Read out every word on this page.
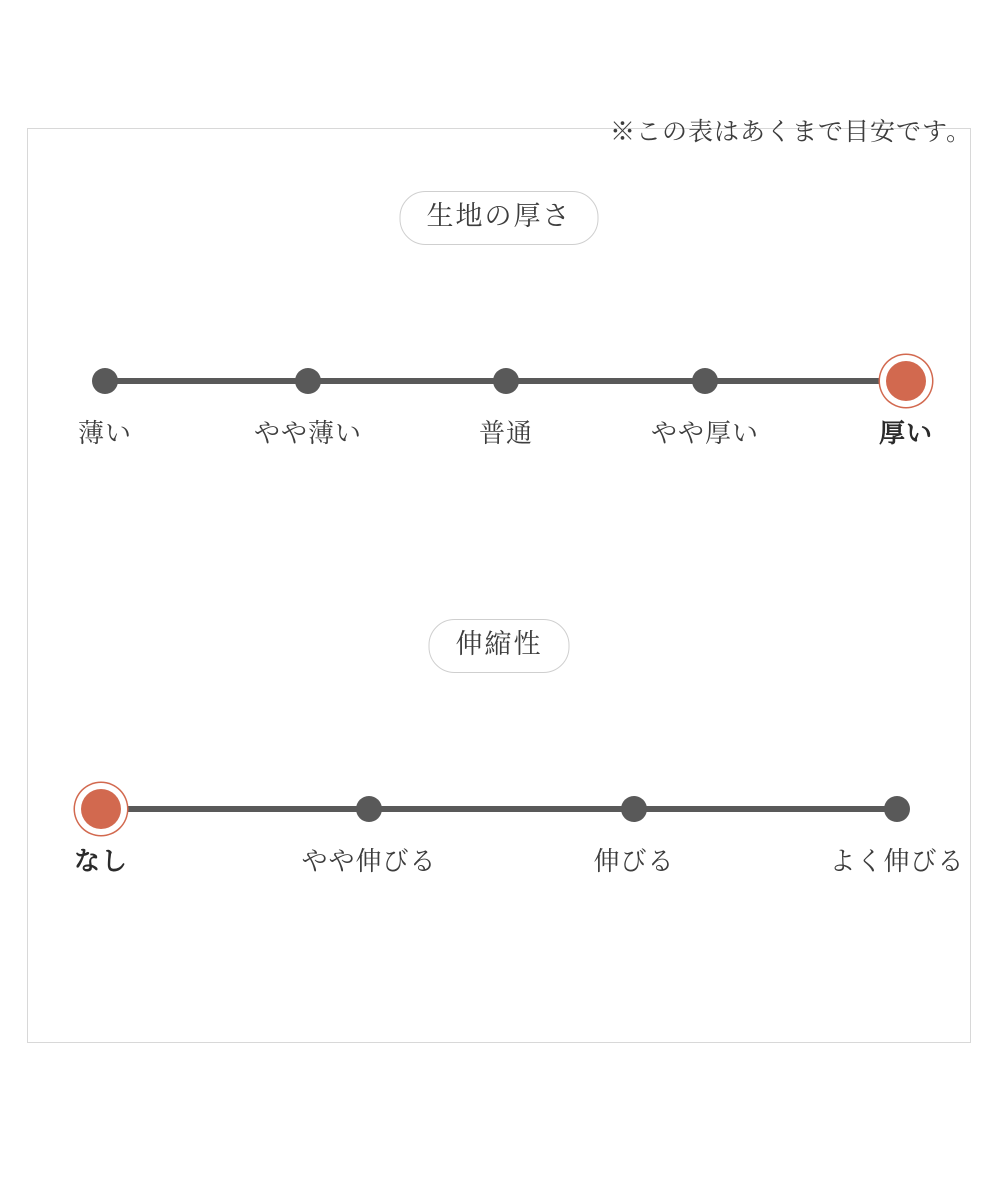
生地の厚さ
薄い	やや薄い	普通	やや厚い	厚い
伸縮性
なし	やや伸びる	伸びる	よく伸びる
※この表はあくまで目安です。
